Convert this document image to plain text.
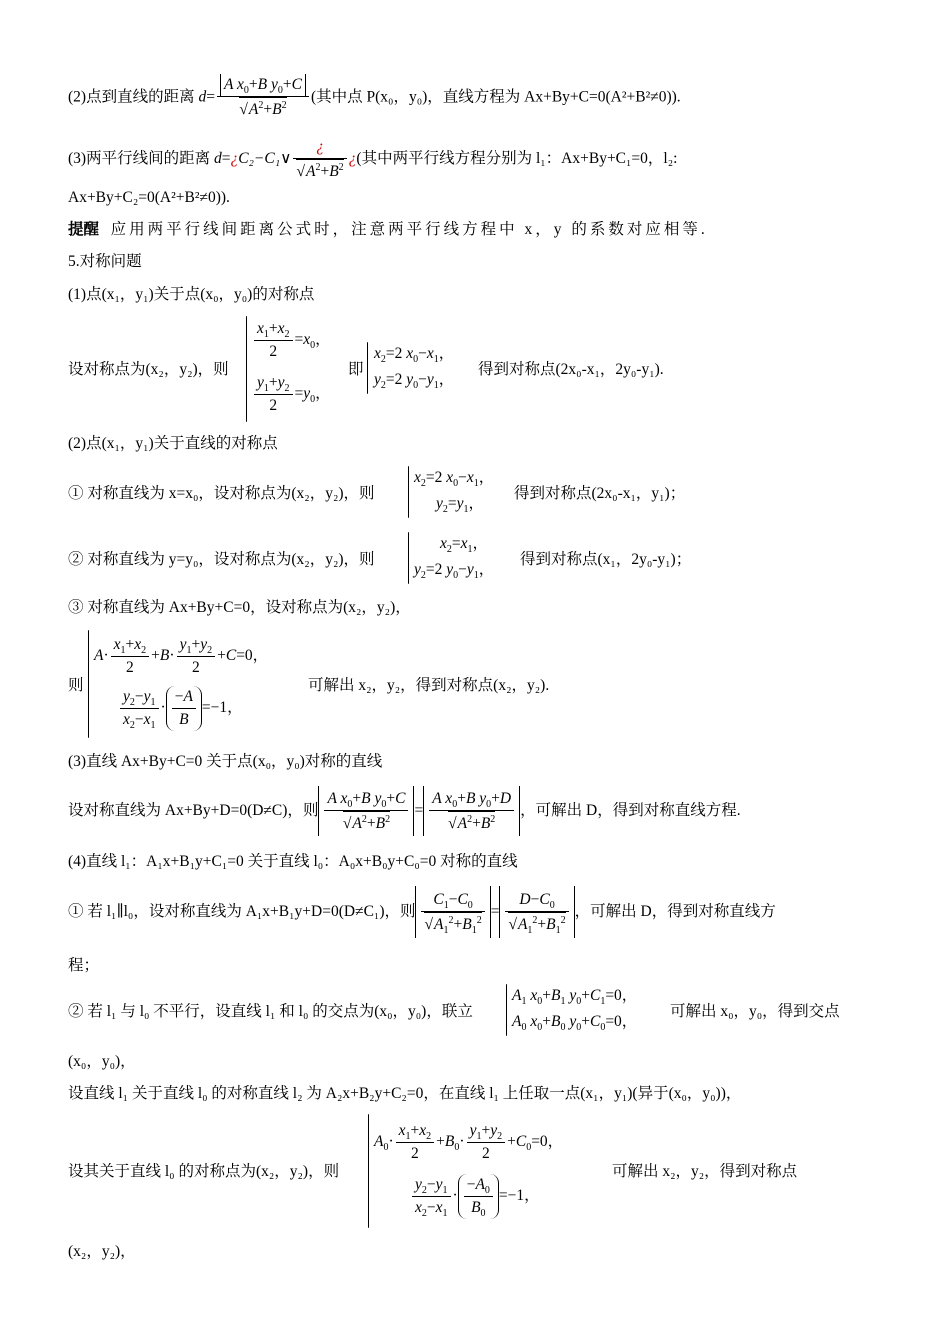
(2)点到直线的距离 d= A $x_0+B$ $y_0+C$
√ $A^2+B^2$ (其中点 P(x₀，y₀)，直线方程为 Ax+By+C=0(A²+B²≠0)).
(3)两平行线间的距离 d=¿C₂−C₁∨ ¿
√ $A^2+B^2$ ¿(其中两平行线方程分别为 l₁：Ax+By+C₁=0，l₂:
Ax+By+C₂=0(A²+B²≠0)).
提醒 应用两平行线间距离公式时，注意两平行线方程中 x，y 的系数对应相等.
5.对称问题
(1)点(x₁，y₁)关于点(x₀，y₀)的对称点
设对称点为(x₂，y₂)，则
$\frac{x_1+x_2}{2} =x_0$，
$\frac{y_1+y_2}{2} =y_0$，
即
$x_2=2$ $x_0-x_1$，
$y_2=2$ $y_0-y_1$，
得到对称点(2x₀-x₁，2y₀-y₁).
(2)点(x₁，y₁)关于直线的对称点
① 对称直线为 x=x₀，设对称点为(x₂，y₂)，则
$x_2=2$ $x_0-x_1$，
$y_2=y_1$，
得到对称点(2x₀-x₁，y₁)；
② 对称直线为 y=y₀，设对称点为(x₂，y₂)，则
$x_2=x_1$，
$y_2=2$ $y_0-y_1$，
得到对称点(x₁，2y₀-y₁)；
③ 对称直线为 Ax+By+C=0，设对称点为(x₂，y₂)，
则
$A\cdot \frac{x_1+x_2}{2} +B\cdot \frac{y_1+y_2}{2} +C=0$，
$\frac{y_2-y_1}{x_2-x_1} \cdot \frac{-A}{B} =-1$，
可解出 x₂，y₂，得到对称点(x₂，y₂).
(3)直线 Ax+By+C=0 关于点(x₀，y₀)对称的直线
设对称直线为 Ax+By+D=0(D≠C)，则 A $x_0+B$ $y_0+C$
√ $A^2+B^2 = A$ $x_0+B$ $y_0+D$
√ $A^2+B^2$ ，可解出 D，得到对称直线方程.
(4)直线 l₁：A₁x+B₁y+C₁=0 关于直线 l₀：A₀x+B₀y+C₀=0 对称的直线
① 若 l₁∥l₀，设对称直线为 A₁x+B₁y+D=0(D≠C₁)，则 $C_1-C_0$
√ $A_1^2+B_1^2 = D-C_0$
√ $A_1^2+B_1^2$ ，可解出 D，得到对称直线方
程；
② 若 l₁ 与 l₀ 不平行，设直线 l₁ 和 l₀ 的交点为(x₀，y₀)，联立
$A_1$ $x_0+B_1$ $y_0+C_1=0$，
$A_0$ $x_0+B_0$ $y_0+C_0=0$，
可解出 x₀，y₀，得到交点
(x₀，y₀)，
设直线 l₁ 关于直线 l₀ 的对称直线 l₂ 为 A₂x+B₂y+C₂=0，在直线 l₁ 上任取一点(x₁，y₁)(异于(x₀，y₀))，
设其关于直线 l₀ 的对称点为(x₂，y₂)，则
$A_0\cdot \frac{x_1+x_2}{2} +B_0\cdot \frac{y_1+y_2}{2} +C_0=0$，
$\frac{y_2-y_1}{x_2-x_1} \cdot \frac{-A_0}{B_0} =-1$，
可解出 x₂，y₂，得到对称点
(x₂，y₂)，
